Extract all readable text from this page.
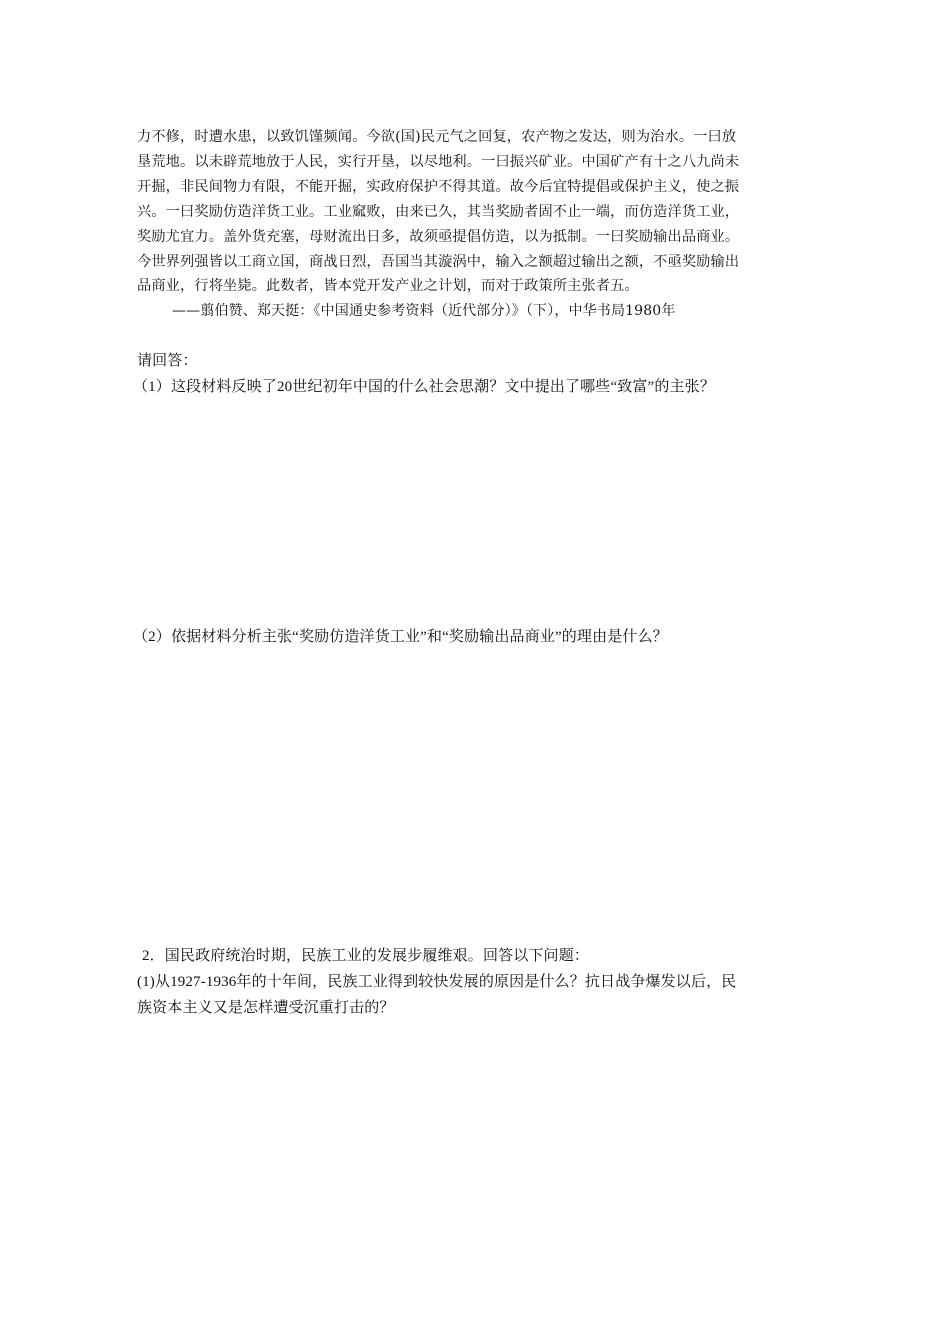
力不修，时遭水患，以致饥馑频闻。今欲(国)民元气之回复，农产物之发达，则为治水。一曰放
垦荒地。以未辟荒地放于人民，实行开垦，以尽地利。一曰振兴矿业。中国矿产有十之八九尚未
开掘，非民间物力有限，不能开掘，实政府保护不得其道。故今后宜特提倡或保护主义，使之振
兴。一曰奖励仿造洋货工业。工业窳败，由来已久，其当奖励者固不止一端，而仿造洋货工业，
奖励尤宜力。盖外货充塞，母财流出日多，故须亟提倡仿造，以为抵制。一曰奖励输出品商业。
今世界列强皆以工商立国，商战日烈，吾国当其漩涡中，输入之额超过输出之额，不亟奖励输出
品商业，行将坐毙。此数者，皆本党开发产业之计划，而对于政策所主张者五。
——翦伯赞、郑天挺：《中国通史参考资料（近代部分）》（下），中华书局1980年
请回答：
（1）这段材料反映了20世纪初年中国的什么社会思潮？文中提出了哪些“致富”的主张？
（2）依据材料分析主张“奖励仿造洋货工业”和“奖励输出品商业”的理由是什么？
2．国民政府统治时期，民族工业的发展步履维艰。回答以下问题：
(1)从1927-1936年的十年间，民族工业得到较快发展的原因是什么？抗日战争爆发以后，民
族资本主义又是怎样遭受沉重打击的？
